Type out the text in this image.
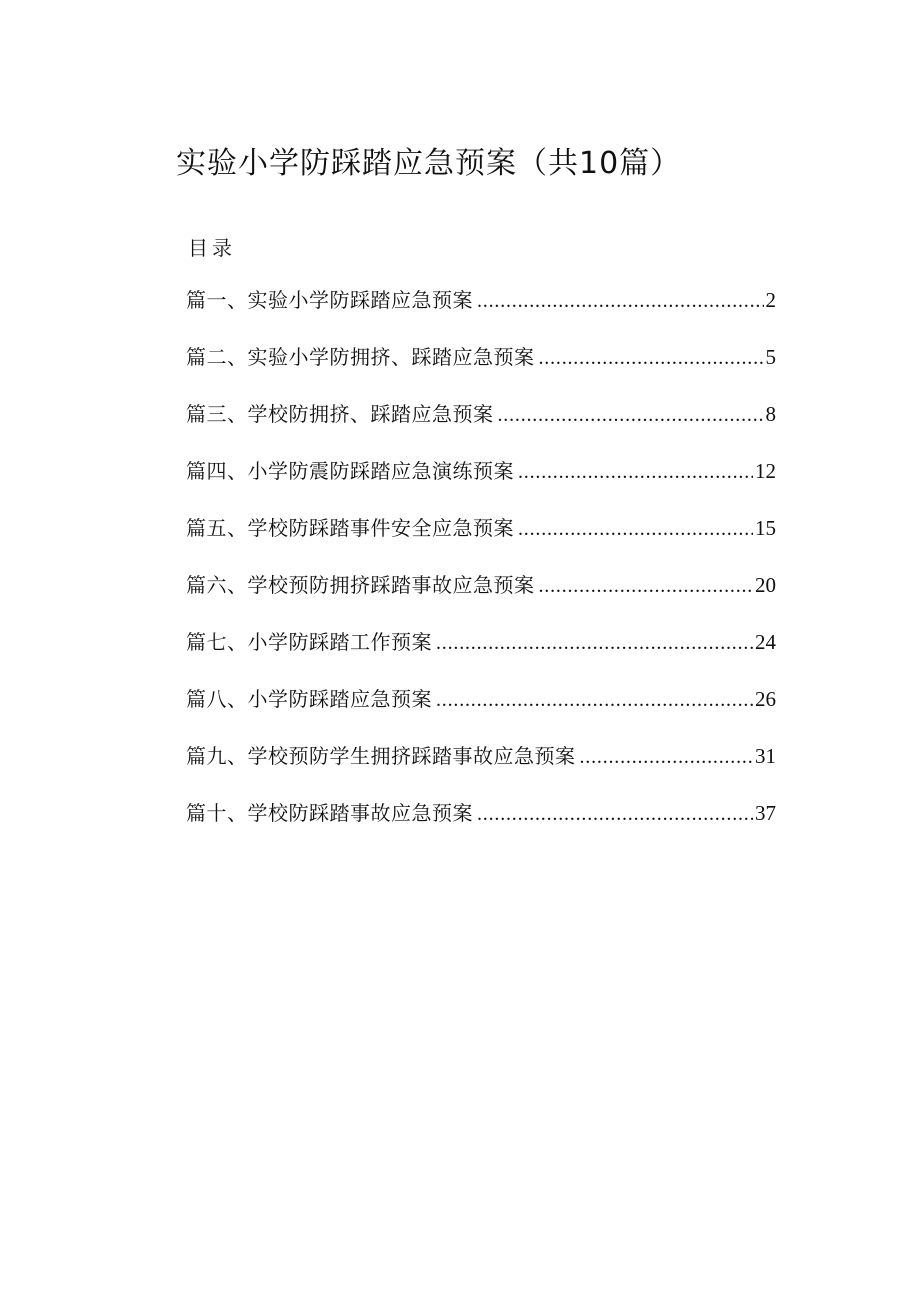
实验小学防踩踏应急预案（共10篇）
目录
篇一、实验小学防踩踏应急预案 .....	2
篇二、实验小学防拥挤、踩踏应急预案 .....	5
篇三、学校防拥挤、踩踏应急预案 .....	8
篇四、小学防震防踩踏应急演练预案 .....	12
篇五、学校防踩踏事件安全应急预案 .....	15
篇六、学校预防拥挤踩踏事故应急预案 .....	20
篇七、小学防踩踏工作预案 .....	24
篇八、小学防踩踏应急预案 .....	26
篇九、学校预防学生拥挤踩踏事故应急预案 .....	31
篇十、学校防踩踏事故应急预案 .....	37
